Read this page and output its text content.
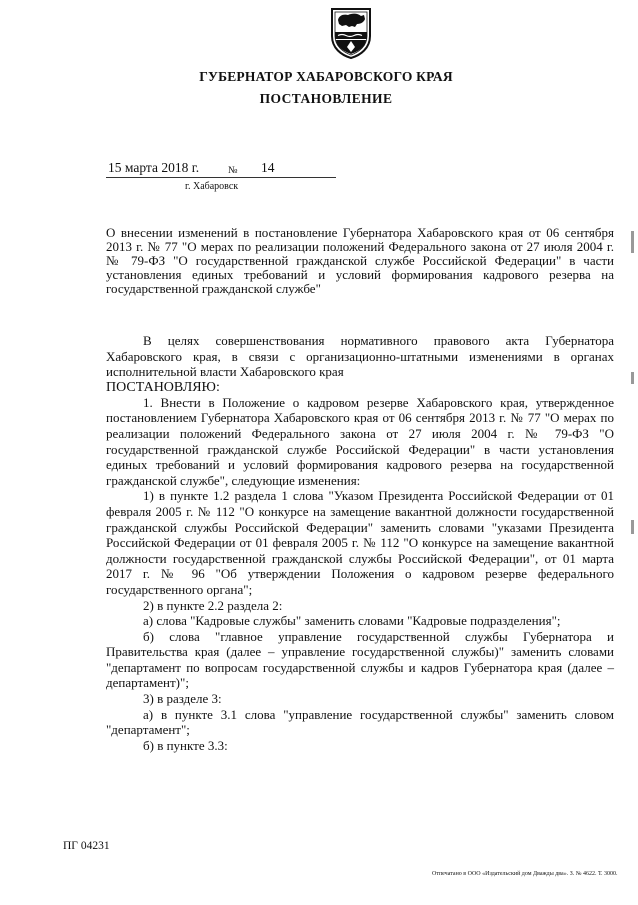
ГУБЕРНАТОР ХАБАРОВСКОГО КРАЯ
ПОСТАНОВЛЕНИЕ
15 марта 2018 г.	№ 14
г. Хабаровск
О внесении изменений в постановление Губернатора Хабаровского края от 06 сентября 2013 г. № 77 "О мерах по реализации положений Федерального закона от 27 июля 2004 г. № 79-ФЗ "О государственной гражданской службе Российской Федерации" в части установления единых требований и условий формирования кадрового резерва на государственной гражданской службе"

В целях совершенствования нормативного правового акта Губернатора Хабаровского края, в связи с организационно-штатными изменениями в органах исполнительной власти Хабаровского края

ПОСТАНОВЛЯЮ:

1. Внести в Положение о кадровом резерве Хабаровского края, утвержденное постановлением Губернатора Хабаровского края от 06 сентября 2013 г. № 77 "О мерах по реализации положений Федерального закона от 27 июля 2004 г. № 79-ФЗ "О государственной гражданской службе Российской Федерации" в части установления единых требований и условий формирования кадрового резерва на государственной гражданской службе", следующие изменения:

1) в пункте 1.2 раздела 1 слова "Указом Президента Российской Федерации от 01 февраля 2005 г. № 112 "О конкурсе на замещение вакантной должности государственной гражданской службы Российской Федерации" заменить словами "указами Президента Российской Федерации от 01 февраля 2005 г. № 112 "О конкурсе на замещение вакантной должности государственной гражданской службы Российской Федерации", от 01 марта 2017 г. № 96 "Об утверждении Положения о кадровом резерве федерального государственного органа";

2) в пункте 2.2 раздела 2:

а) слова "Кадровые службы" заменить словами "Кадровые подразделения";

б) слова "главное управление государственной службы Губернатора и Правительства края (далее – управление государственной службы)" заменить словами "департамент по вопросам государственной службы и кадров Губернатора края (далее – департамент)";

3) в разделе 3:

а) в пункте 3.1 слова "управление государственной службы" заменить словом "департамент";

б) в пункте 3.3:

ПГ 04231
Отпечатано в ООО «Издательский дом Дважды два». З. № 4622. Т. 3000.
